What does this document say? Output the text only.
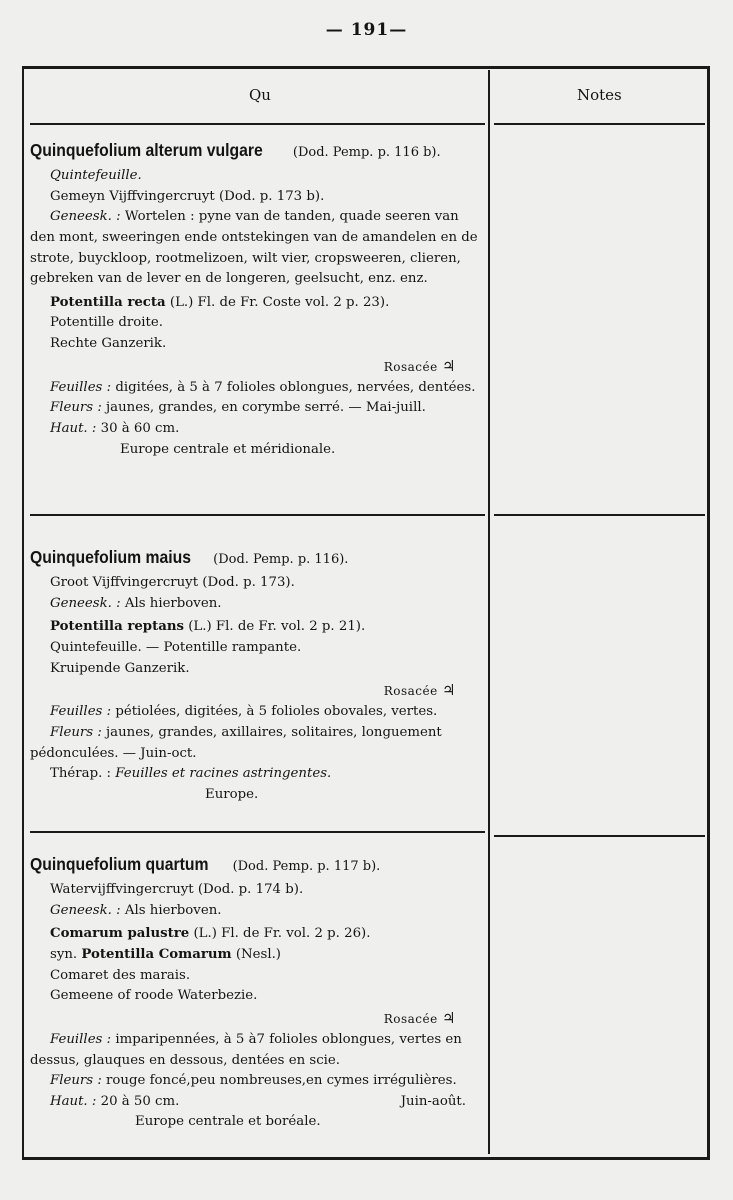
— 191—
Qu	Notes
Quinquefolium alterum vulgare (Dod. Pemp. p. 116 b).
Quintefeuille.
Gemeyn Vijffvingercruyt (Dod. p. 173 b).
Geneesk. : Wortelen : pyne van de tanden, quade seeren van den mont, sweeringen ende ontstekingen van de amandelen en de strote, buyckloop, rootmelizoen, wilt vier, cropsweeren, clieren, gebreken van de lever en de longeren, geelsucht, enz. enz.
Potentilla recta (L.) Fl. de Fr. Coste vol. 2 p. 23).
Potentille droite.
Rechte Ganzerik.
Rosacée ♃
Feuilles : digitées, à 5 à 7 folioles oblongues, nervées, dentées.
Fleurs : jaunes, grandes, en corymbe serré. — Mai-juill.
Haut. : 30 à 60 cm.
Europe centrale et méridionale.
Quinquefolium maius (Dod. Pemp. p. 116).
Groot Vijffvingercruyt (Dod. p. 173).
Geneesk. : Als hierboven.
Potentilla reptans (L.) Fl. de Fr. vol. 2 p. 21).
Quintefeuille. — Potentille rampante.
Kruipende Ganzerik.
Rosacée ♃
Feuilles : pétiolées, digitées, à 5 folioles obovales, vertes.
Fleurs : jaunes, grandes, axillaires, solitaires, longuement pédonculées. — Juin-oct.
Thérap. : Feuilles et racines astringentes.
Europe.
Quinquefolium quartum (Dod. Pemp. p. 117 b).
Watervijffvingercruyt (Dod. p. 174 b).
Geneesk. : Als hierboven.
Comarum palustre (L.) Fl. de Fr. vol. 2 p. 26).
syn. Potentilla Comarum (Nesl.)
Comaret des marais.
Gemeene of roode Waterbezie.
Rosacée ♃
Feuilles : imparipennées, à 5 à7 folioles oblongues, vertes en dessus, glauques en dessous, dentées en scie.
Fleurs : rouge foncé,peu nombreuses,en cymes irrégulières.
Haut. : 20 à 50 cm.	Juin-août.
Europe centrale et boréale.
